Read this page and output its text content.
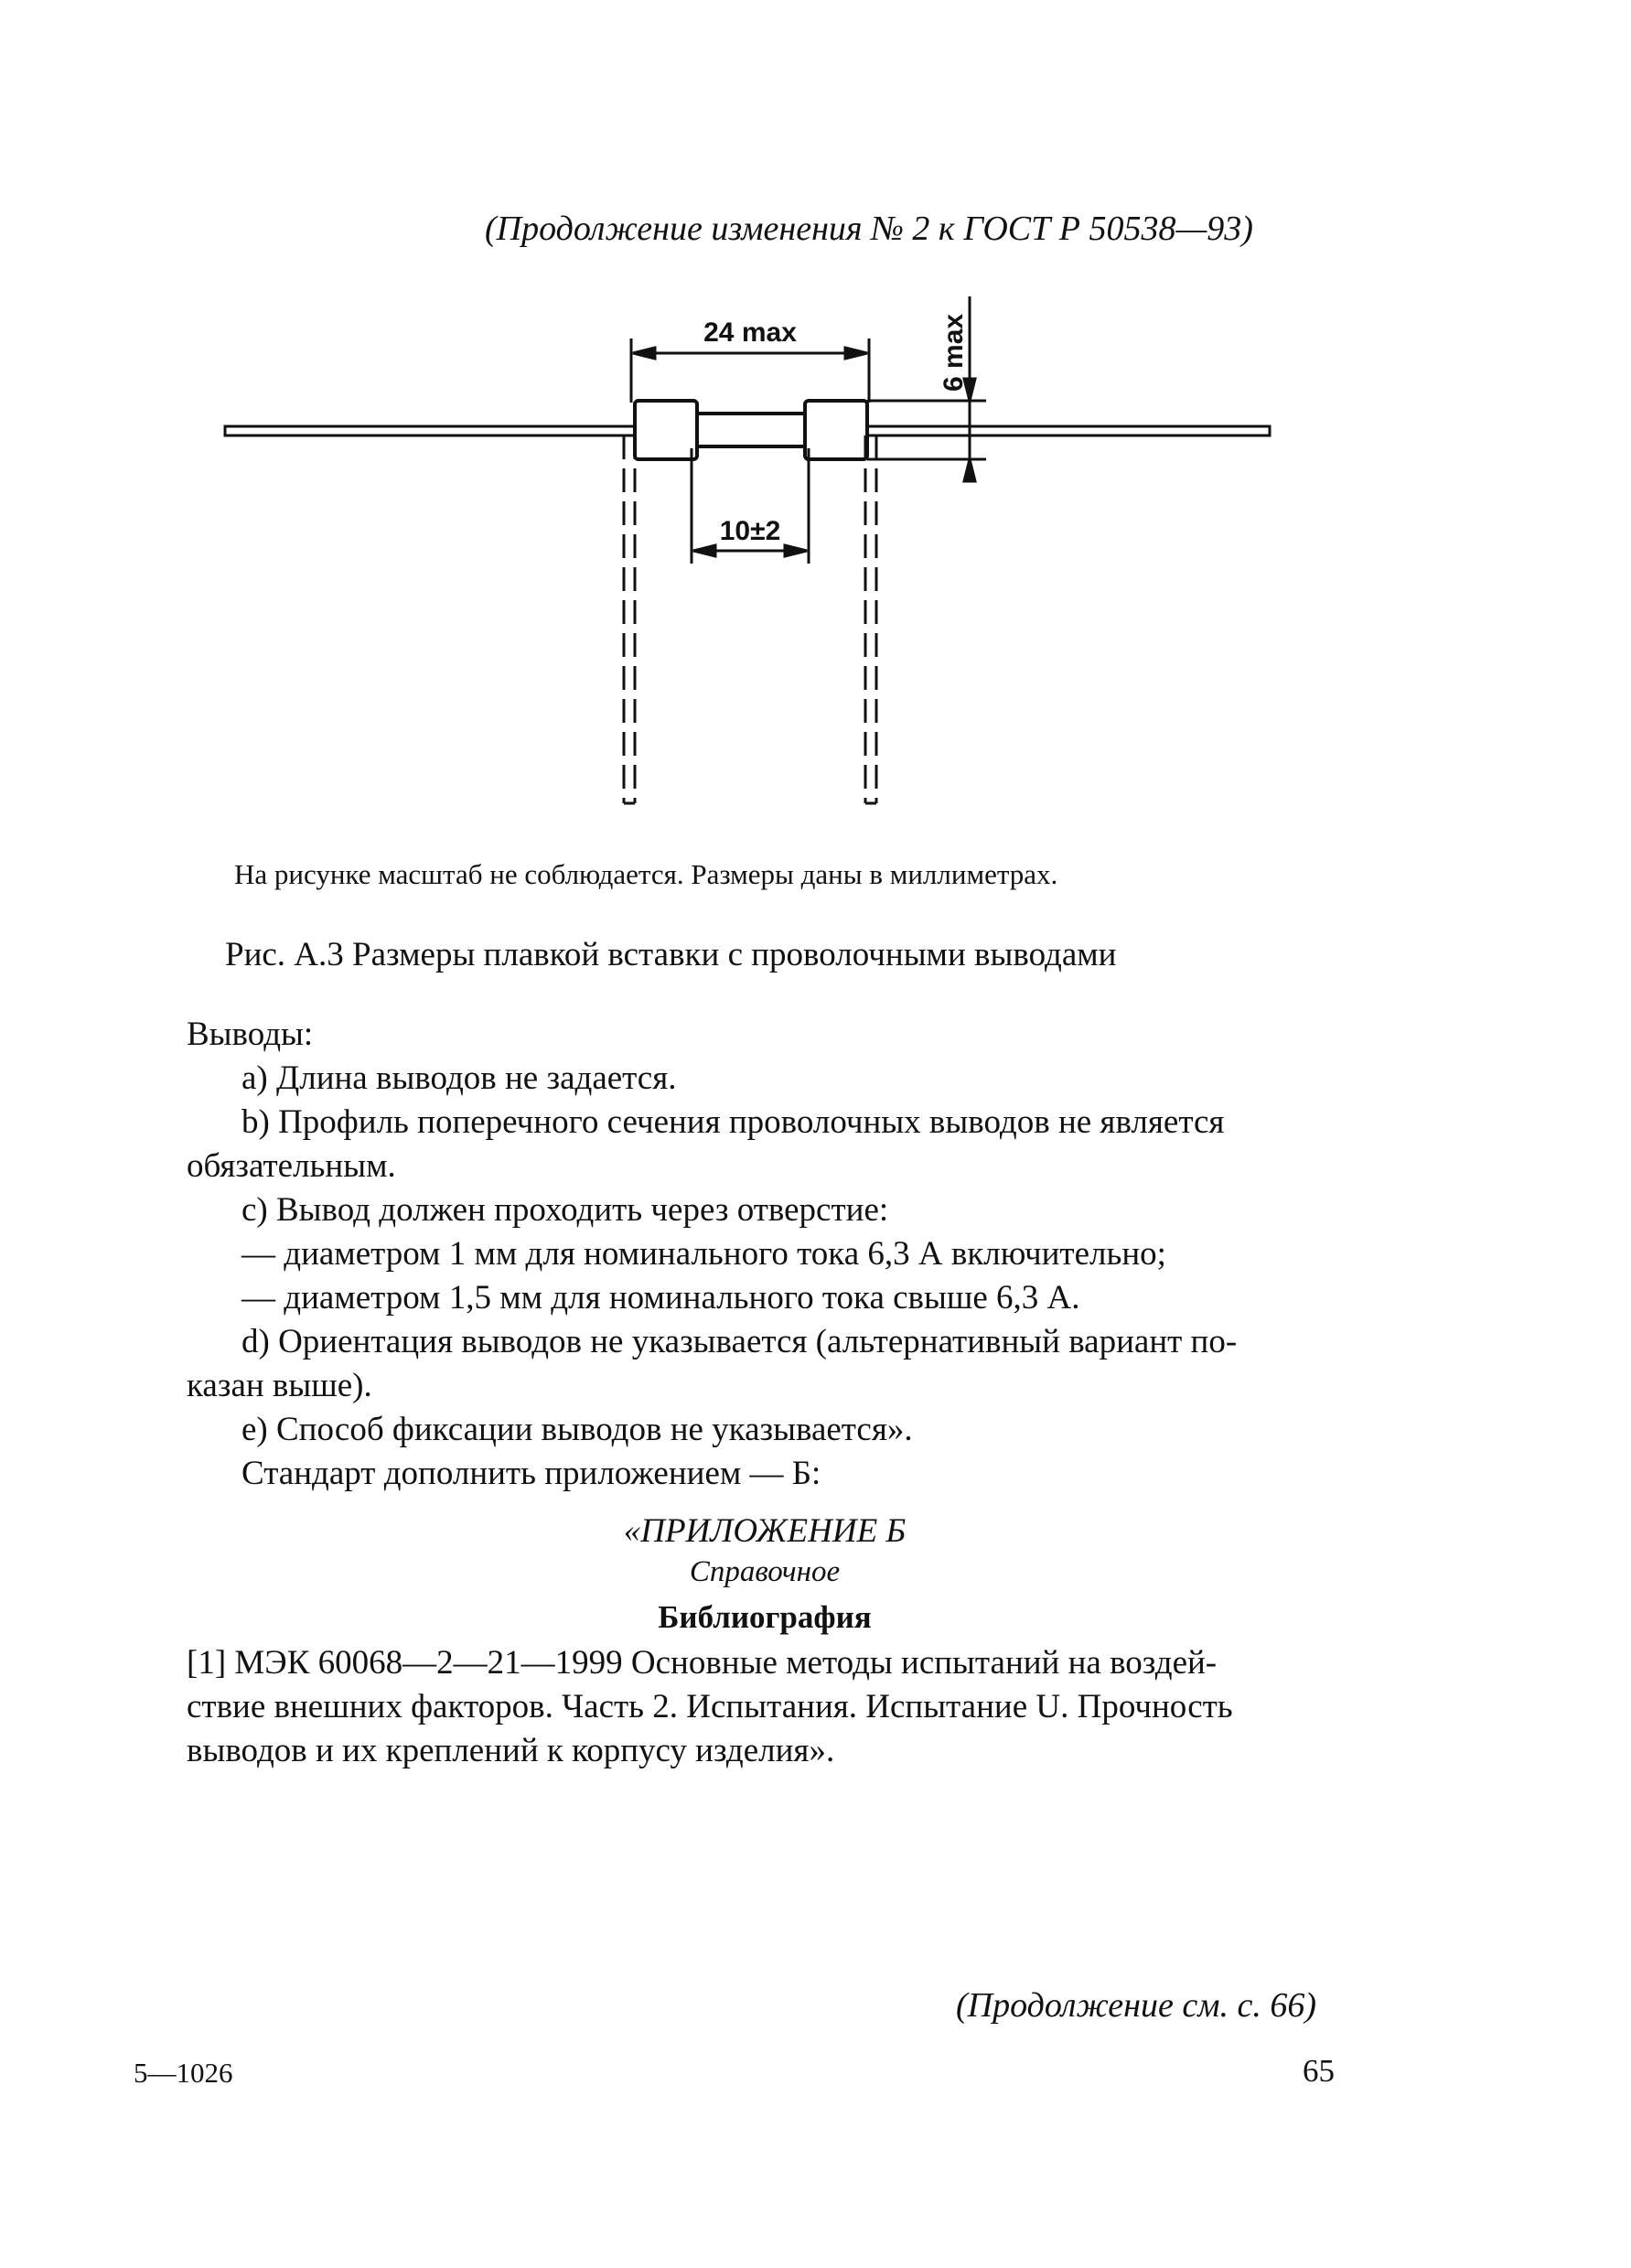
(Продолжение изменения № 2 к ГОСТ Р 50538—93)
24 max	6 max
10±2
На рисунке масштаб не соблюдается. Размеры даны в миллиметрах.
Рис. А.3 Размеры плавкой вставки с проволочными выводами
Выводы:
а) Длина выводов не задается.
b) Профиль поперечного сечения проволочных выводов не является
обязательным.
c) Вывод должен проходить через отверстие:
— диаметром 1 мм для номинального тока 6,3 А включительно;
— диаметром 1,5 мм для номинального тока свыше 6,3 А.
d) Ориентация выводов не указывается (альтернативный вариант по-
казан выше).
e) Способ фиксации выводов не указывается».
Стандарт дополнить приложением — Б:
«ПРИЛОЖЕНИЕ Б
Справочное
Библиография
[1] МЭК 60068—2—21—1999 Основные методы испытаний на воздей-
ствие внешних факторов. Часть 2. Испытания. Испытание U. Прочность
выводов и их креплений к корпусу изделия».
(Продолжение см. с. 66)
5—1026	65
